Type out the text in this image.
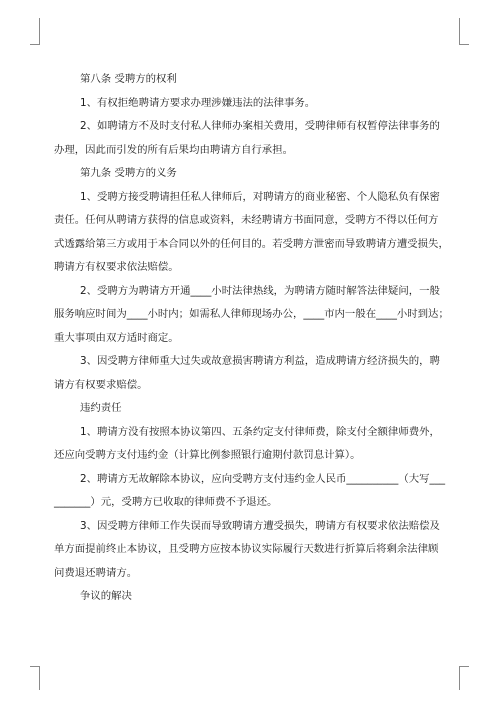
第八条 受聘方的权利

1、有权拒绝聘请方要求办理涉嫌违法的法律事务。

2、如聘请方不及时支付私人律师办案相关费用，受聘律师有权暂停法律事务的

办理，因此而引发的所有后果均由聘请方自行承担。

第九条 受聘方的义务

1、受聘方接受聘请担任私人律师后，对聘请方的商业秘密、个人隐私负有保密

责任。任何从聘请方获得的信息或资料，未经聘请方书面同意，受聘方不得以任何方

式透露给第三方或用于本合同以外的任何目的。若受聘方泄密而导致聘请方遭受损失，

聘请方有权要求依法赔偿。

2、受聘方为聘请方开通____小时法律热线，为聘请方随时解答法律疑问，一般

服务响应时间为____小时内；如需私人律师现场办公，____市内一般在____小时到达；

重大事项由双方适时商定。

3、因受聘方律师重大过失或故意损害聘请方利益，造成聘请方经济损失的，聘

请方有权要求赔偿。

违约责任

1、聘请方没有按照本协议第四、五条约定支付律师费，除支付全额律师费外，

还应向受聘方支付违约金（计算比例参照银行逾期付款罚息计算）。

2、聘请方无故解除本协议，应向受聘方支付违约金人民币__________（大写___

_______）元，受聘方已收取的律师费不予退还。

3、因受聘方律师工作失误而导致聘请方遭受损失，聘请方有权要求依法赔偿及

单方面提前终止本协议，且受聘方应按本协议实际履行天数进行折算后将剩余法律顾

问费退还聘请方。

争议的解决
